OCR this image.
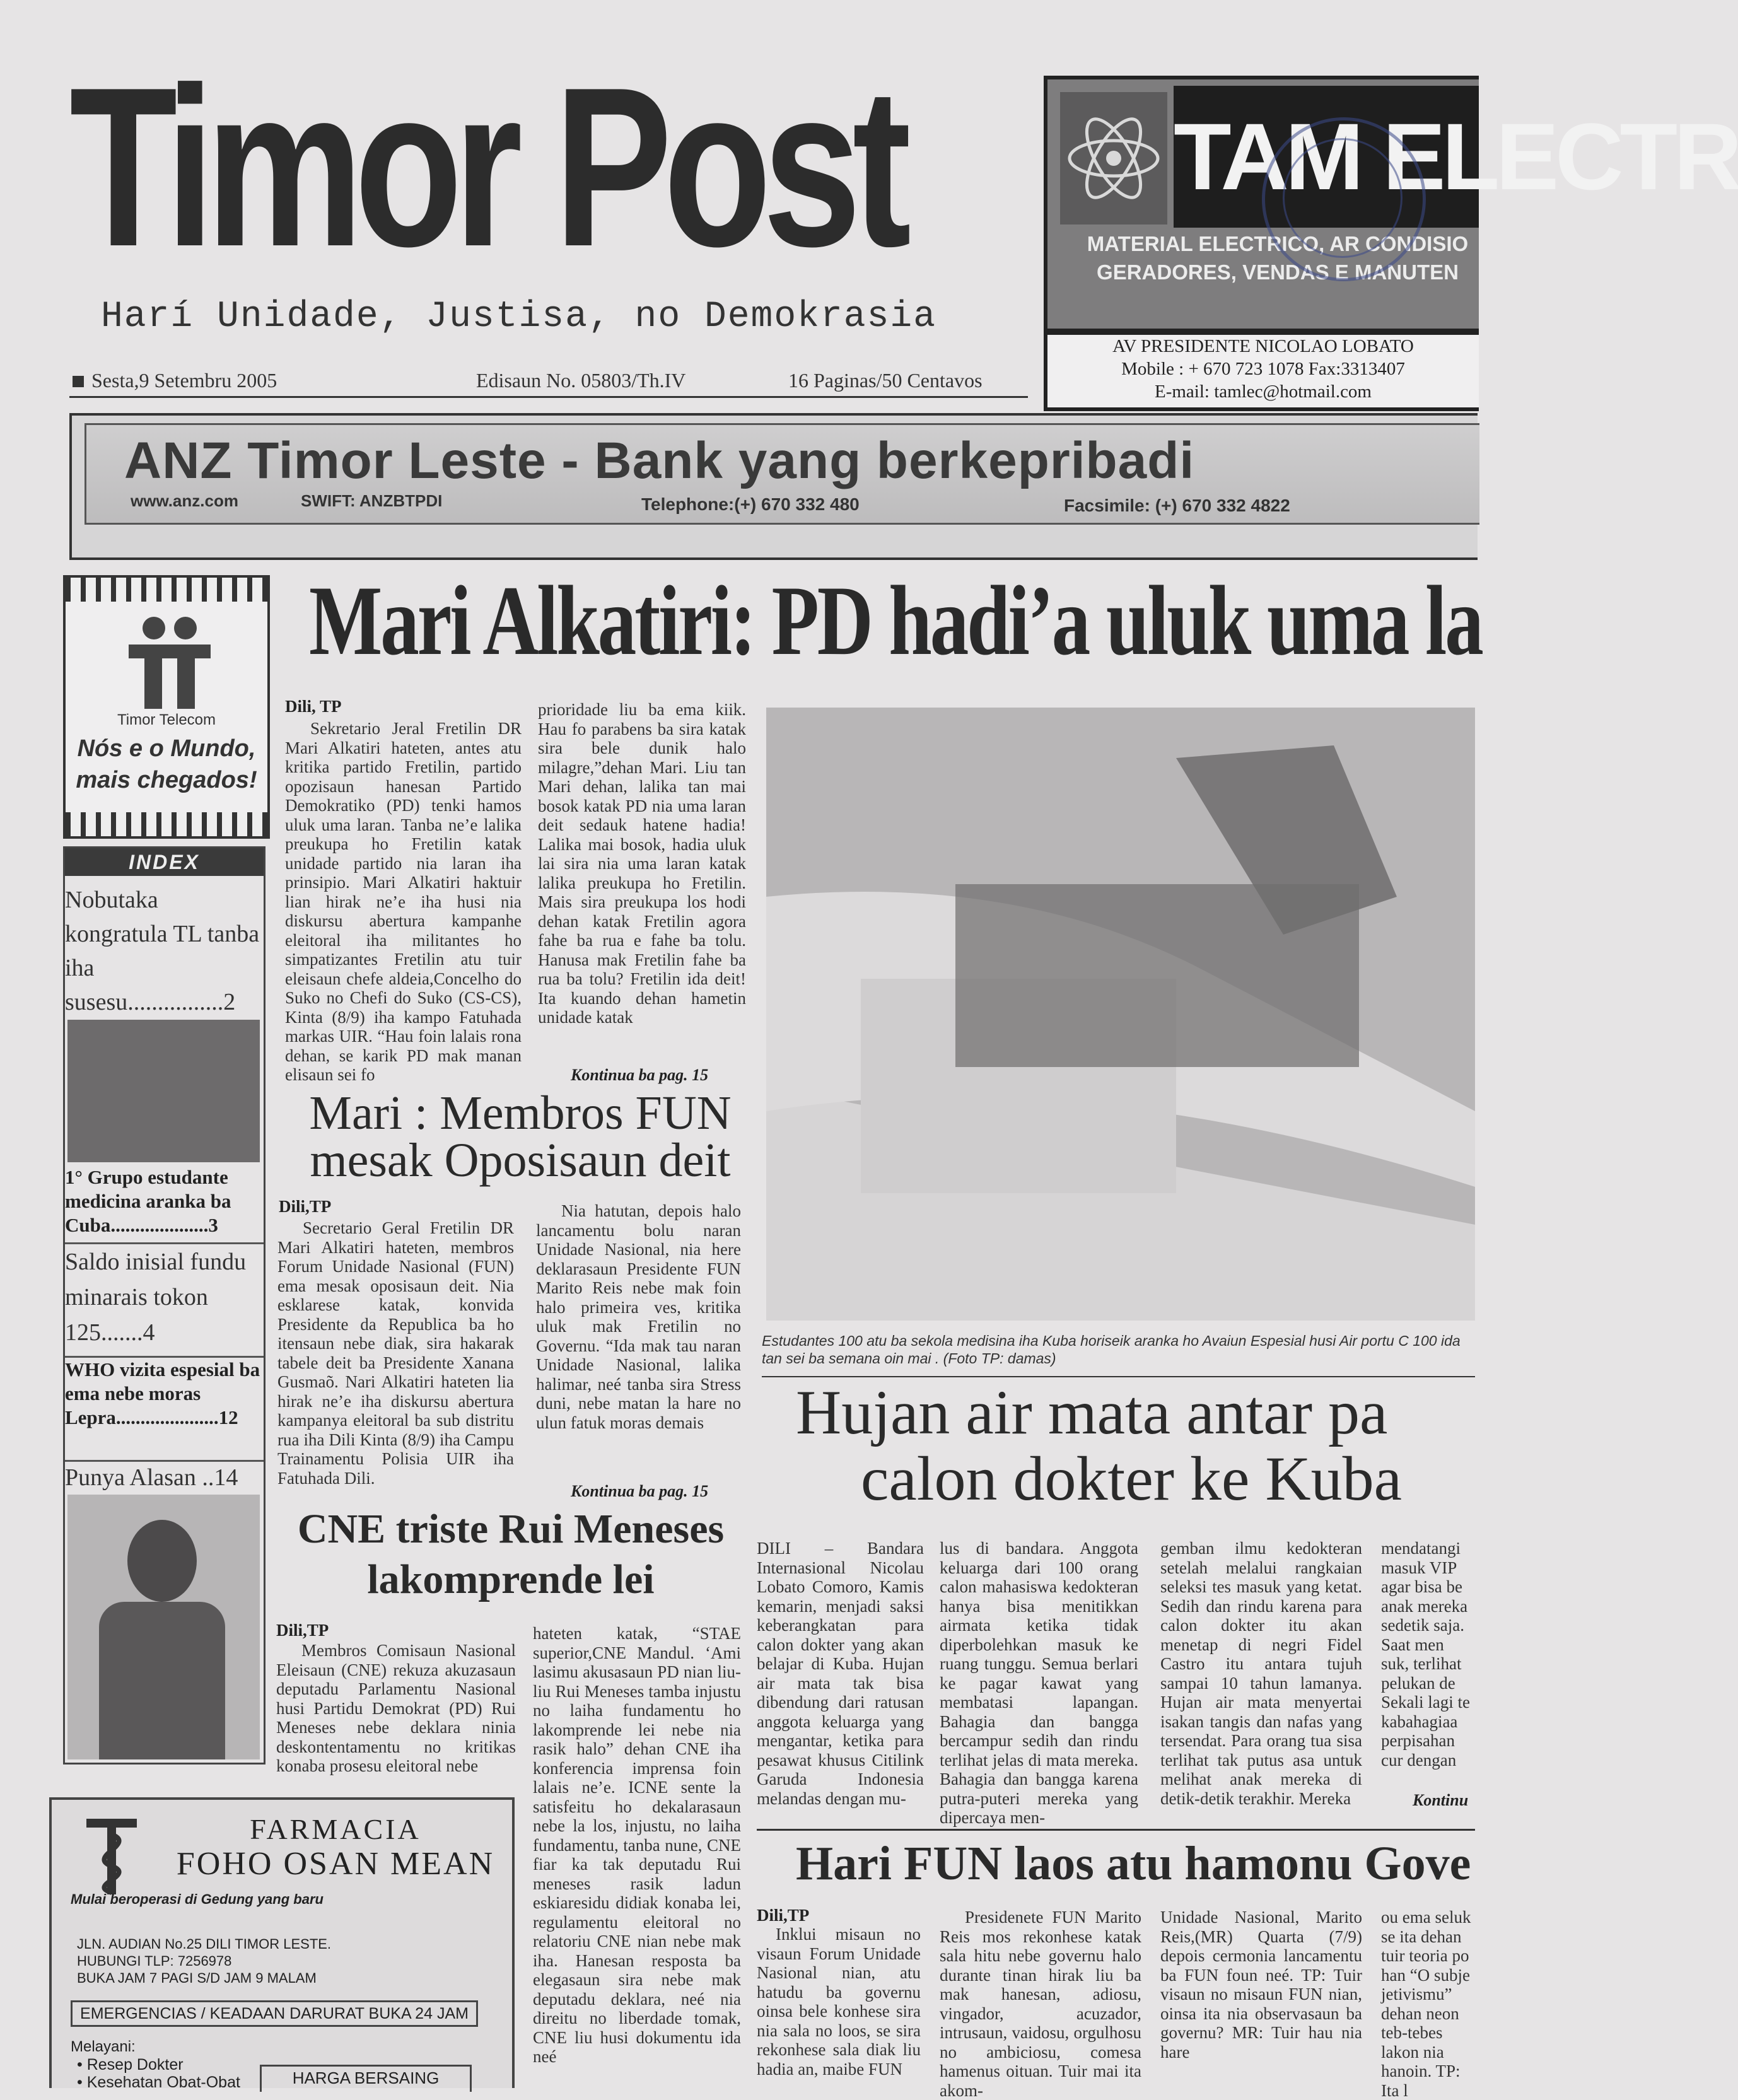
Timor Post
Harí Unidade, Justisa, no Demokrasia
Sesta,9 Setembru 2005	Edisaun No. 05803/Th.IV	16 Paginas/50 Centavos
TAM ELECTR
MATERIAL ELECTRICO, AR CONDISIO
GERADORES, VENDAS E MANUTEN
AV PRESIDENTE NICOLAO LOBATO
Mobile : + 670 723 1078 Fax:3313407
E-mail: tamlec@hotmail.com
ANZ Timor Leste - Bank yang berkepribadi
www.anz.com	SWIFT: ANZBTPDI	Telephone:(+) 670 332 480	Facsimile: (+) 670 332 4822
Timor Telecom
Nós e o Mundo,
mais chegados!
INDEX
Nobutaka kongratula TL tanba iha susesu................2
1° Grupo estudante medicina aranka ba Cuba....................3
Saldo inisial fundu minarais tokon 125.......4
WHO vizita espesial ba ema nebe moras Lepra.....................12
Punya Alasan ..14
Mari Alkatiri: PD hadi’a uluk uma la
Dili, TP
Sekretario Jeral Fretilin DR Mari Alkatiri hateten, antes atu kritika partido Fretilin, partido opozisaun hanesan Partido Demokratiko (PD) tenki hamos uluk uma laran. Tanba ne’e lalika preukupa ho Fretilin katak unidade partido nia laran iha prinsipio. Mari Alkatiri haktuir lian hirak ne’e iha husi nia diskursu abertura kampanhe eleitoral iha militantes ho simpatizantes Fretilin atu tuir eleisaun chefe aldeia,Concelho do Suko no Chefi do Suko (CS-CS), Kinta (8/9) iha kampo Fatuhada markas UIR. “Hau foin lalais rona dehan, se karik PD mak manan elisaun sei fo
prioridade liu ba ema kiik. Hau fo parabens ba sira katak sira bele dunik halo milagre,”dehan Mari. Liu tan Mari dehan, lalika tan mai bosok katak PD nia uma laran deit sedauk hatene hadia! Lalika mai bosok, hadia uluk lai sira nia uma laran katak lalika preukupa ho Fretilin. Mais sira preukupa los hodi dehan katak Fretilin agora fahe ba rua e fahe ba tolu. Hanusa mak Fretilin fahe ba rua ba tolu? Fretilin ida deit! Ita kuando dehan hametin unidade katak
Kontinua ba pag. 15
Mari : Membros FUN
mesak Oposisaun deit
Dili,TP
Secretario Geral Fretilin DR Mari Alkatiri hateten, membros Forum Unidade Nasional (FUN) ema mesak oposisaun deit. Nia esklarese katak, konvida Presidente da Republica ba ho itensaun nebe diak, sira hakarak tabele deit ba Presidente Xanana Gusmaõ. Nari Alkatiri hateten lia hirak ne’e iha diskursu abertura kampanya eleitoral ba sub distritu rua iha Dili Kinta (8/9) iha Campu Trainamentu Polisia UIR iha Fatuhada Dili.
Nia hatutan, depois halo lancamentu bolu naran Unidade Nasional, nia here deklarasaun Presidente FUN Marito Reis nebe mak foin halo primeira ves, kritika uluk mak Fretilin no Governu. “Ida mak tau naran Unidade Nasional, lalika halimar, neé tanba sira Stress duni, nebe matan la hare no ulun fatuk moras demais
Kontinua ba pag. 15
Estudantes 100 atu ba sekola medisina iha Kuba horiseik aranka ho Avaiun Espesial husi Air portu C 100 ida tan sei ba semana oin mai . (Foto TP: damas)
Hujan air mata antar pa
calon dokter ke Kuba
DILI – Bandara Internasional Nicolau Lobato Comoro, Kamis kemarin, menjadi saksi keberangkatan para calon dokter yang akan belajar di Kuba. Hujan air mata tak bisa dibendung dari ratusan anggota keluarga yang mengantar, ketika para pesawat khusus Citilink Garuda Indonesia melandas dengan mu-
lus di bandara. Anggota keluarga dari 100 orang calon mahasiswa kedokteran hanya bisa menitikkan airmata ketika tidak diperbolehkan masuk ke ruang tunggu. Semua berlari ke pagar kawat yang membatasi lapangan. Bahagia dan bangga bercampur sedih dan rindu terlihat jelas di mata mereka. Bahagia dan bangga karena putra-puteri mereka yang dipercaya men-
gemban ilmu kedokteran setelah melalui rangkaian seleksi tes masuk yang ketat. Sedih dan rindu karena para calon dokter itu akan menetap di negri Fidel Castro itu antara tujuh sampai 10 tahun lamanya. Hujan air mata menyertai isakan tangis dan nafas yang tersendat. Para orang tua sisa terlihat tak putus asa untuk melihat anak mereka di detik-detik terakhir. Mereka
mendatangi masuk VIP agar bisa be anak mereka sedetik saja. Saat men suk, terlihat pelukan de Sekali lagi te kabahagiaa perpisahan cur dengan
Kontinu
CNE triste Rui Meneses
lakomprende lei
Dili,TP
Membros Comisaun Nasional Eleisaun (CNE) rekuza akuzasaun deputadu Parlamentu Nasional husi Partidu Demokrat (PD) Rui Meneses nebe deklara ninia deskontentamentu no kritikas konaba prosesu eleitoral nebe
hateten katak, “STAE superior,CNE Mandul. ‘Ami lasimu akusasaun PD nian liu-liu Rui Meneses tamba injustu no laiha fundamentu ho lakomprende lei nebe nia rasik halo” dehan CNE iha konferencia imprensa foin lalais ne’e. ICNE sente la satisfeitu ho dekalarasaun nebe la los, injustu, no laiha fundamentu, tanba nune, CNE fiar ka tak deputadu Rui meneses rasik ladun eskiaresidu didiak konaba lei, regulamentu eleitoral no relatoriu CNE nian nebe mak iha. Hanesan resposta ba elegasaun sira nebe mak deputadu deklara, neé nia direitu no liberdade tomak, CNE liu husi dokumentu ida neé
Hari FUN laos atu hamonu Gove
Dili,TP
Inklui misaun no visaun Forum Unidade Nasional nian, atu hatudu ba governu oinsa bele konhese sira nia sala no loos, se sira rekonhese sala diak liu hadia an, maibe FUN
Presidenete FUN Marito Reis mos rekonhese katak sala hitu nebe governu halo durante tinan hirak liu ba mak hanesan, adiosu, vingador, acuzador, intrusaun, vaidosu, orgulhosu no ambiciosu, comesa hamenus oituan. Tuir mai ita akom-
Unidade Nasional, Marito Reis,(MR) Quarta (7/9) depois cermonia lancamentu ba FUN foun neé. TP: Tuir visaun no misaun FUN nian, oinsa ita nia observasaun ba governu? MR: Tuir hau nia hare
ou ema seluk se ita dehan tuir teoria po han “O subje jetivismu” dehan neon teb-tebes lakon nia hanoin. TP: Ita l
FARMACIA
FOHO OSAN MEAN
Mulai beroperasi di Gedung yang baru
JLN. AUDIAN No.25 DILI TIMOR LESTE.
HUBUNGI TLP: 7256978
BUKA JAM 7 PAGI S/D JAM 9 MALAM
EMERGENCIAS / KEADAAN DARURAT BUKA 24 JAM
Melayani:
• Resep Dokter
• Kesehatan Obat-Obat	HARGA BERSAING
